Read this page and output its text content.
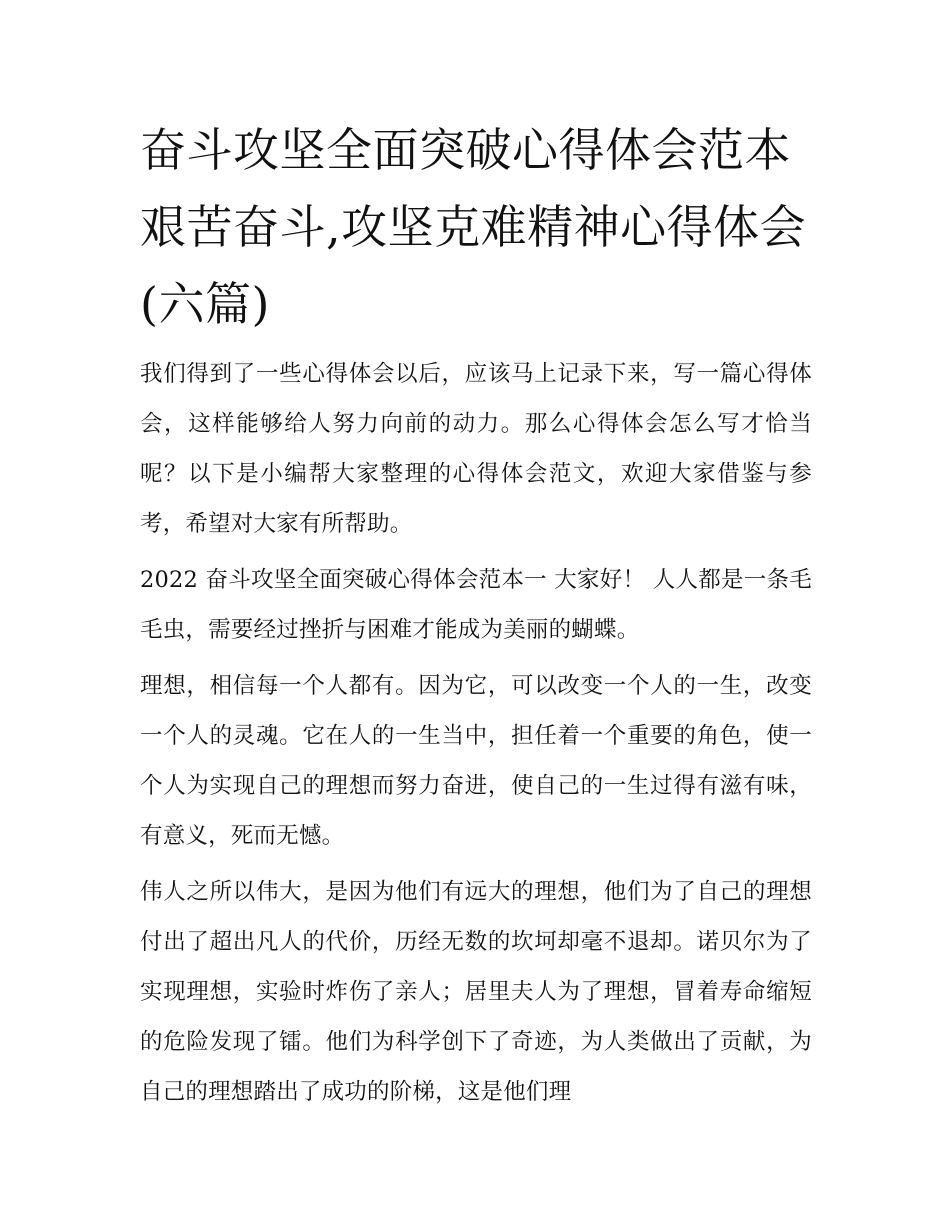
奋斗攻坚全面突破心得体会范本 艰苦奋斗,攻坚克难精神心得体会(六篇)

我们得到了一些心得体会以后，应该马上记录下来，写一篇心得体会，这样能够给人努力向前的动力。那么心得体会怎么写才恰当呢？以下是小编帮大家整理的心得体会范文，欢迎大家借鉴与参考，希望对大家有所帮助。

2022 奋斗攻坚全面突破心得体会范本一 大家好！ 人人都是一条毛毛虫，需要经过挫折与困难才能成为美丽的蝴蝶。

理想，相信每一个人都有。因为它，可以改变一个人的一生，改变一个人的灵魂。它在人的一生当中，担任着一个重要的角色，使一个人为实现自己的理想而努力奋进，使自己的一生过得有滋有味，有意义，死而无憾。

伟人之所以伟大，是因为他们有远大的理想，他们为了自己的理想付出了超出凡人的代价，历经无数的坎坷却毫不退却。诺贝尔为了实现理想，实验时炸伤了亲人；居里夫人为了理想，冒着寿命缩短的危险发现了镭。他们为科学创下了奇迹，为人类做出了贡献，为自己的理想踏出了成功的阶梯，这是他们理
